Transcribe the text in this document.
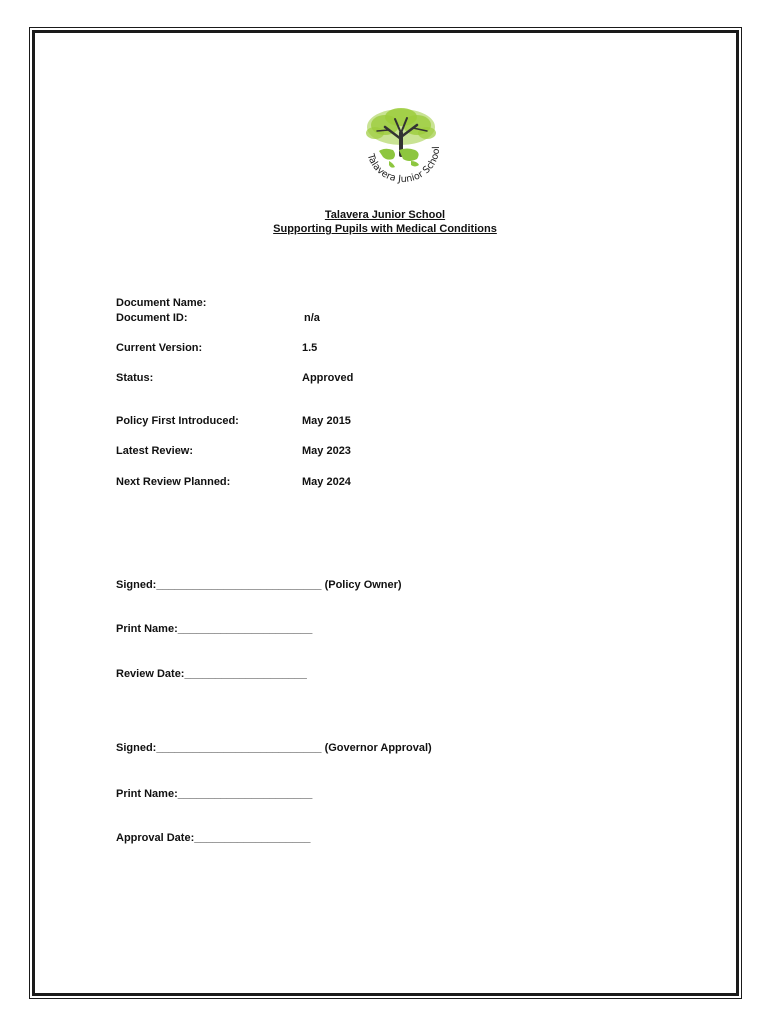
Talavera Junior School
Talavera Junior School
Supporting Pupils with Medical Conditions
Document Name:
Document ID:	n/a
Current Version:	1.5
Status:	Approved
Policy First Introduced:	May 2015
Latest Review:	May 2023
Next Review Planned:	May 2024
Signed:___________________________ (Policy Owner)
Print Name:______________________
Review Date:____________________
Signed:___________________________ (Governor Approval)
Print Name:______________________
Approval Date:___________________
